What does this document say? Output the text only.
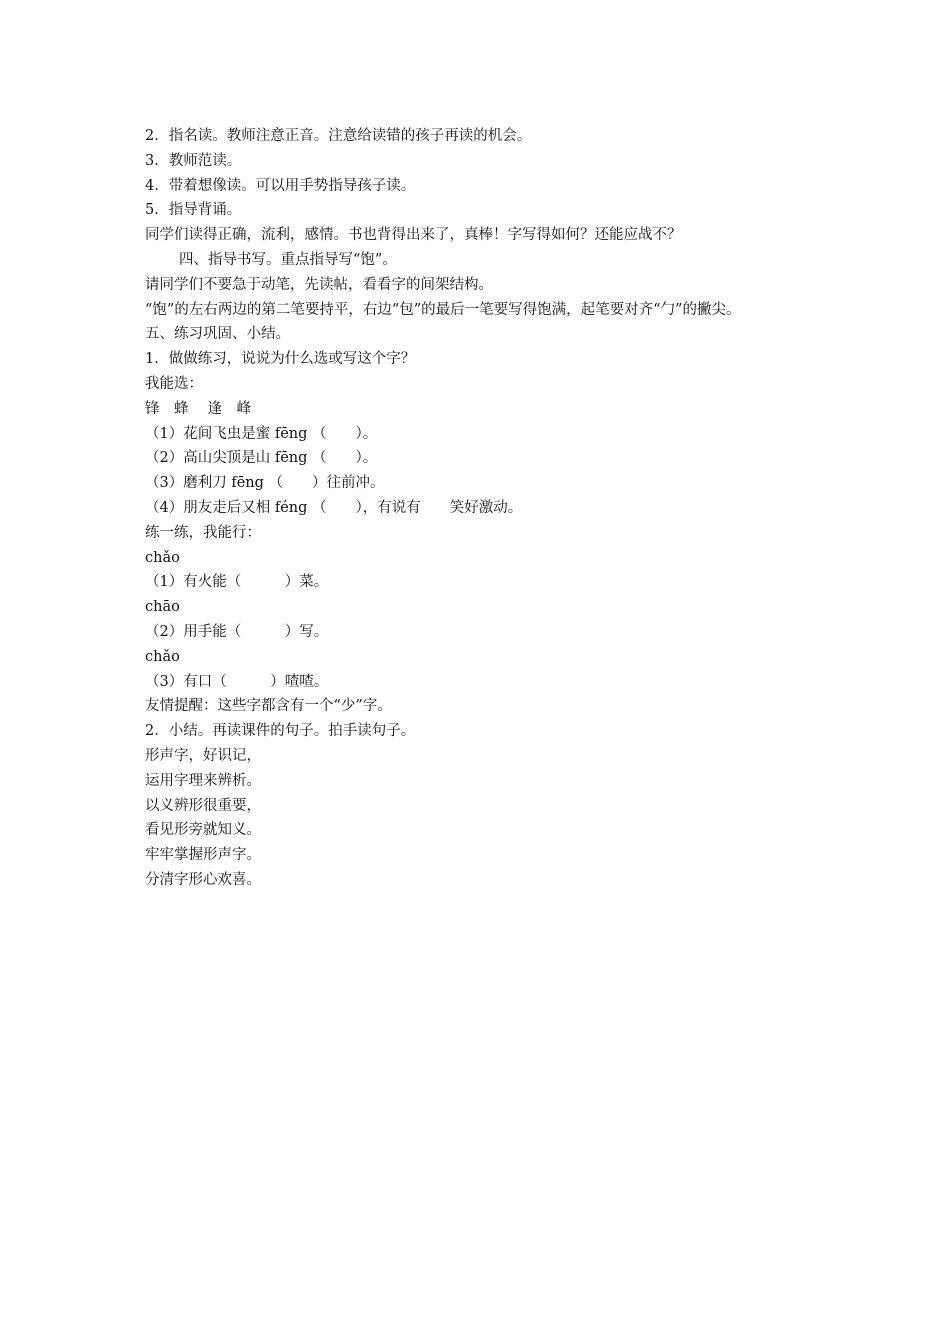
2．指名读。教师注意正音。注意给读错的孩子再读的机会。
3．教师范读。
4．带着想像读。可以用手势指导孩子读。
5．指导背诵。
同学们读得正确，流利，感情。书也背得出来了，真棒！字写得如何？还能应战不？
四、指导书写。重点指导写“饱”。
请同学们不要急于动笔，先读帖，看看字的间架结构。
“饱”的左右两边的第二笔要持平，右边“包”的最后一笔要写得饱满，起笔要对齐“勹”的撇尖。
五、练习巩固、小结。
1．做做练习，说说为什么选或写这个字？
我能选：
锋　蜂　 逢　峰
（1）花间飞虫是蜜 fēng （　　）。
（2）高山尖顶是山 fēng （　　）。
（3）磨利刀 fēng （　　）往前冲。
（4）朋友走后又相 féng （　　），有说有　　笑好激动。
练一练，我能行：
chǎo
（1）有火能（　　　）菜。
chāo
（2）用手能（　　　）写。
chǎo
（3）有口（　　　）喳喳。
友情提醒：这些字都含有一个“少”字。
2．小结。再读课件的句子。拍手读句子。
形声字，好识记，
运用字理来辨析。
以义辨形很重要，
看见形旁就知义。
牢牢掌握形声字。
分清字形心欢喜。
